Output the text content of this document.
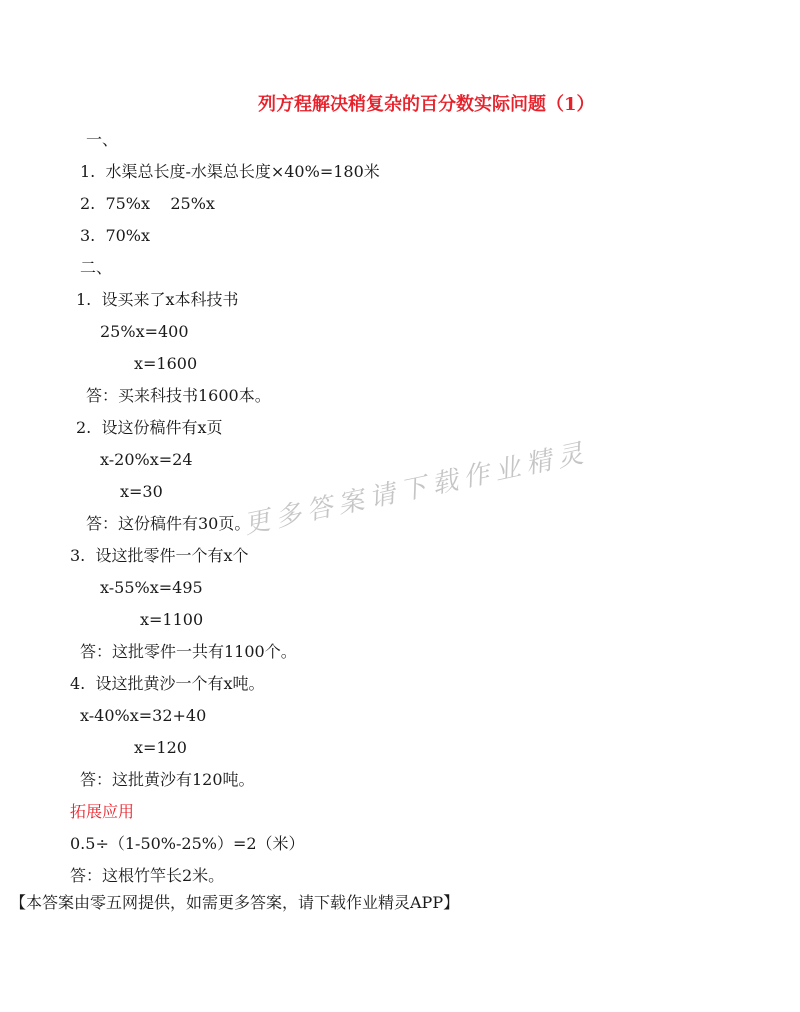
列方程解决稍复杂的百分数实际问题（1）
一、
1.  水渠总长度-水渠总长度×40%=180米
2.  75%x    25%x
3.  70%x
二、
1.  设买来了x本科技书
25%x=400
x=1600
答：买来科技书1600本。
2.  设这份稿件有x页
x-20%x=24
x=30
答：这份稿件有30页。
3.  设这批零件一个有x个
x-55%x=495
x=1100
答：这批零件一共有1100个。
4.  设这批黄沙一个有x吨。
x-40%x=32+40
x=120
答：这批黄沙有120吨。
拓展应用
0.5÷（1-50%-25%）=2（米）
答：这根竹竿长2米。
【本答案由零五网提供，如需更多答案，请下载作业精灵APP】
更多答案请下载作业精灵
